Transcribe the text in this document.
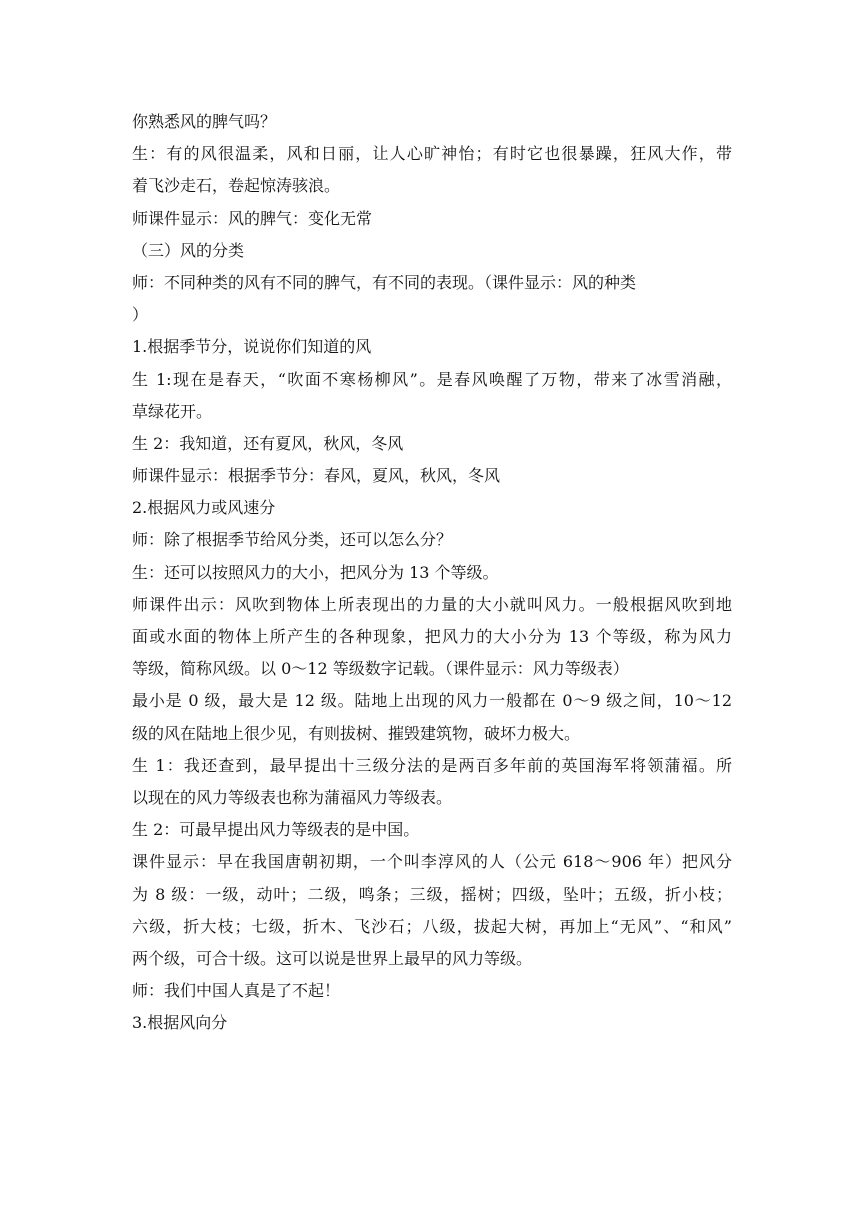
你熟悉风的脾气吗？
生：有的风很温柔，风和日丽，让人心旷神怡；有时它也很暴躁，狂风大作，带
着飞沙走石，卷起惊涛骇浪。
师课件显示：风的脾气：变化无常
（三）风的分类
师：不同种类的风有不同的脾气，有不同的表现。（课件显示：风的种类
）
1.根据季节分，说说你们知道的风
生 1:现在是春天，“吹面不寒杨柳风”。是春风唤醒了万物，带来了冰雪消融，
草绿花开。
生 2：我知道，还有夏风，秋风，冬风
师课件显示：根据季节分：春风，夏风，秋风，冬风
2.根据风力或风速分
师：除了根据季节给风分类，还可以怎么分？
生：还可以按照风力的大小，把风分为 13 个等级。
师课件出示：风吹到物体上所表现出的力量的大小就叫风力。一般根据风吹到地
面或水面的物体上所产生的各种现象，把风力的大小分为 13 个等级，称为风力
等级，简称风级。以 0～12 等级数字记载。（课件显示：风力等级表）
最小是 0 级，最大是 12 级。陆地上出现的风力一般都在 0～9 级之间，10～12
级的风在陆地上很少见，有则拔树、摧毁建筑物，破坏力极大。
生 1：我还查到，最早提出十三级分法的是两百多年前的英国海军将领蒲福。所
以现在的风力等级表也称为蒲福风力等级表。
生 2：可最早提出风力等级表的是中国。
课件显示：早在我国唐朝初期，一个叫李淳风的人（公元 618～906 年）把风分
为 8 级：一级，动叶；二级，鸣条；三级，摇树；四级，坠叶；五级，折小枝；
六级，折大枝；七级，折木、飞沙石；八级，拔起大树，再加上“无风”、“和风”
两个级，可合十级。这可以说是世界上最早的风力等级。
师：我们中国人真是了不起！
3.根据风向分
